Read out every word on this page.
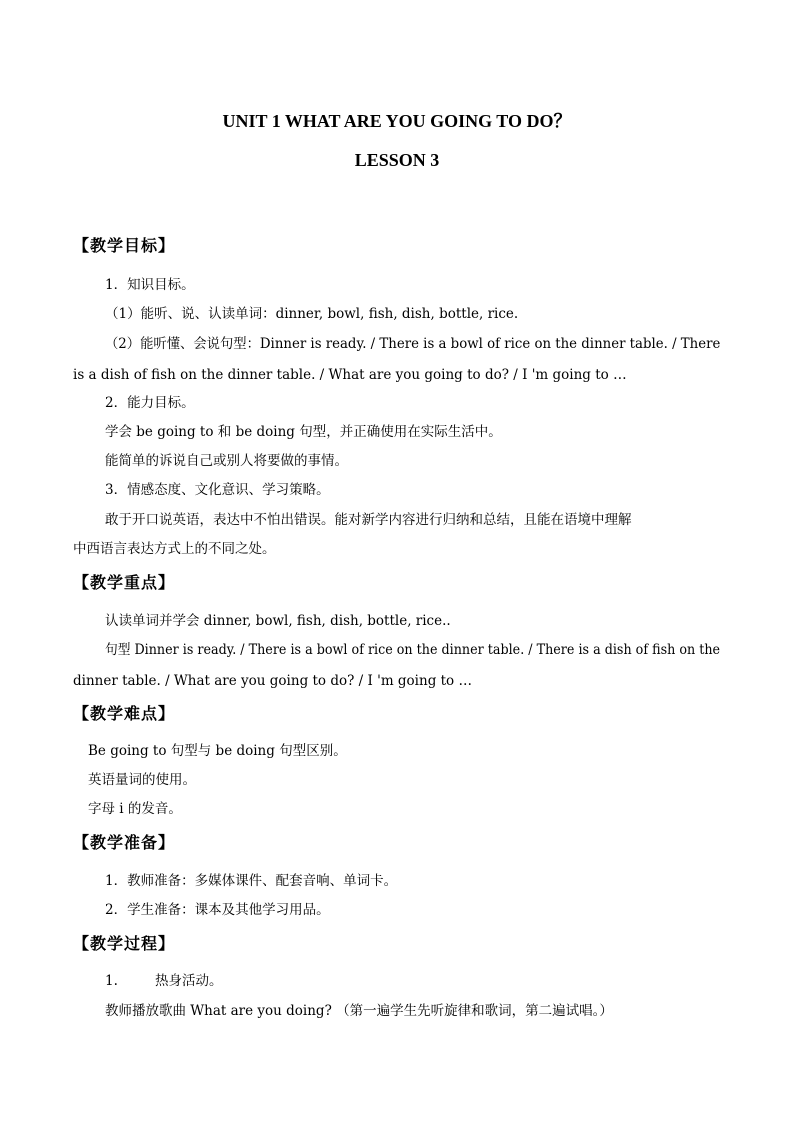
UNIT 1 WHAT ARE YOU GOING TO DO？
LESSON 3
【教学目标】
1．知识目标。
（1）能听、说、认读单词：dinner, bowl, fish, dish, bottle, rice.
（2）能听懂、会说句型：Dinner is ready. / There is a bowl of rice on the dinner table. / There
is a dish of fish on the dinner table. / What are you going to do? / I 'm going to …
2．能力目标。
学会 be going to 和 be doing 句型，并正确使用在实际生活中。
能简单的诉说自己或别人将要做的事情。
3．情感态度、文化意识、学习策略。
敢于开口说英语，表达中不怕出错误。能对新学内容进行归纳和总结，且能在语境中理解
中西语言表达方式上的不同之处。
【教学重点】
认读单词并学会 dinner, bowl, fish, dish, bottle, rice..
句型 Dinner is ready. / There is a bowl of rice on the dinner table. / There is a dish of fish on the
dinner table. / What are you going to do? / I 'm going to …
【教学难点】
Be going to 句型与 be doing 句型区别。
英语量词的使用。
字母 i 的发音。
【教学准备】
1．教师准备：多媒体课件、配套音响、单词卡。
2．学生准备：课本及其他学习用品。
【教学过程】
1.	热身活动。
教师播放歌曲 What are you doing? （第一遍学生先听旋律和歌词，第二遍试唱。）
